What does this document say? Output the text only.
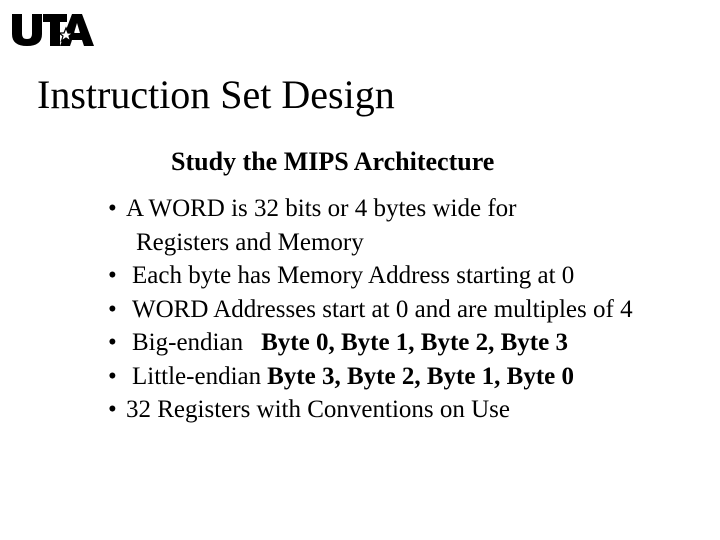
Instruction Set Design
Study the MIPS Architecture
• A WORD is 32 bits or 4 bytes wide for
Registers and Memory
• Each byte has Memory Address starting at 0
• WORD Addresses start at 0 and are multiples of 4
• Big-endian Byte 0, Byte 1, Byte 2, Byte 3
• Little-endian Byte 3, Byte 2, Byte 1, Byte 0
• 32 Registers with Conventions on Use
